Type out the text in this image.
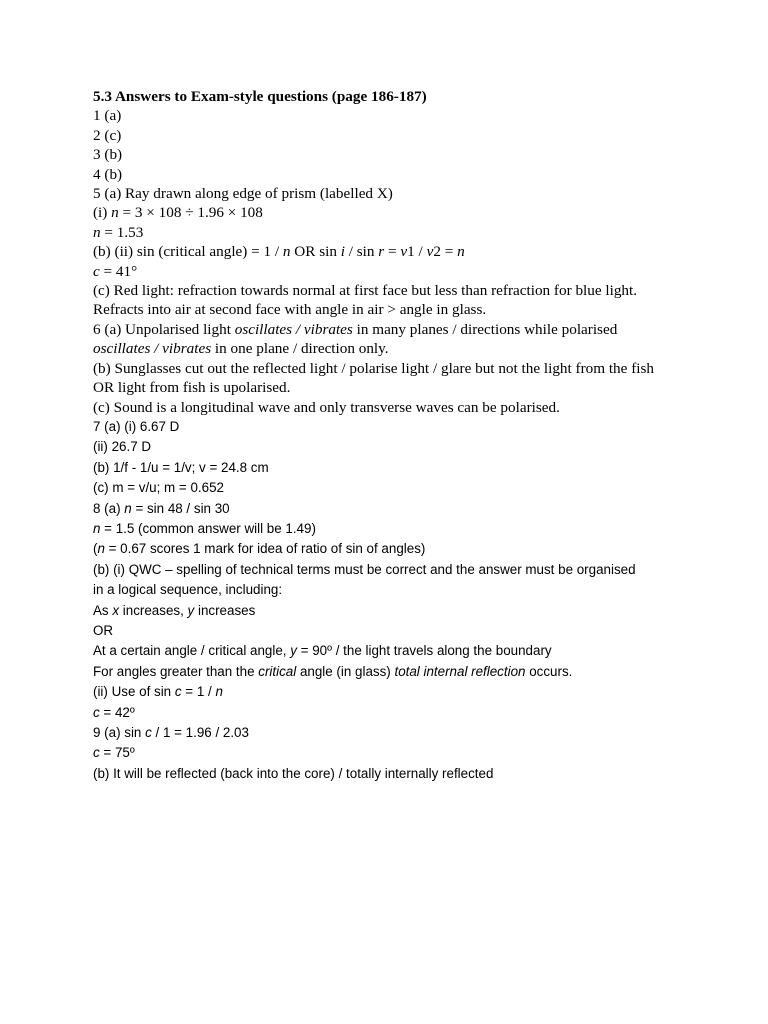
5.3 Answers to Exam-style questions (page 186-187)
1 (a)
2 (c)
3 (b)
4 (b)
5 (a) Ray drawn along edge of prism (labelled X)
(i) n = 3 × 108 ÷ 1.96 × 108
n = 1.53
(b) (ii) sin (critical angle) = 1 / n OR sin i / sin r = v1 / v2 = n
c = 41°
(c) Red light: refraction towards normal at first face but less than refraction for blue light.
Refracts into air at second face with angle in air > angle in glass.
6 (a) Unpolarised light oscillates / vibrates in many planes / directions while polarised
oscillates / vibrates in one plane / direction only.
(b) Sunglasses cut out the reflected light / polarise light / glare but not the light from the fish
OR light from fish is upolarised.
(c) Sound is a longitudinal wave and only transverse waves can be polarised.
7 (a) (i) 6.67 D
(ii) 26.7 D
(b) 1/f - 1/u = 1/v; v = 24.8 cm
(c) m = v/u; m = 0.652
8 (a) n = sin 48 / sin 30
n = 1.5 (common answer will be 1.49)
(n = 0.67 scores 1 mark for idea of ratio of sin of angles)
(b) (i) QWC – spelling of technical terms must be correct and the answer must be organised
in a logical sequence, including:
As x increases, y increases
OR
At a certain angle / critical angle, y = 90º / the light travels along the boundary
For angles greater than the critical angle (in glass) total internal reflection occurs.
(ii) Use of sin c = 1 / n
c = 42º
9 (a) sin c / 1 = 1.96 / 2.03
c = 75º
(b) It will be reflected (back into the core) / totally internally reflected
